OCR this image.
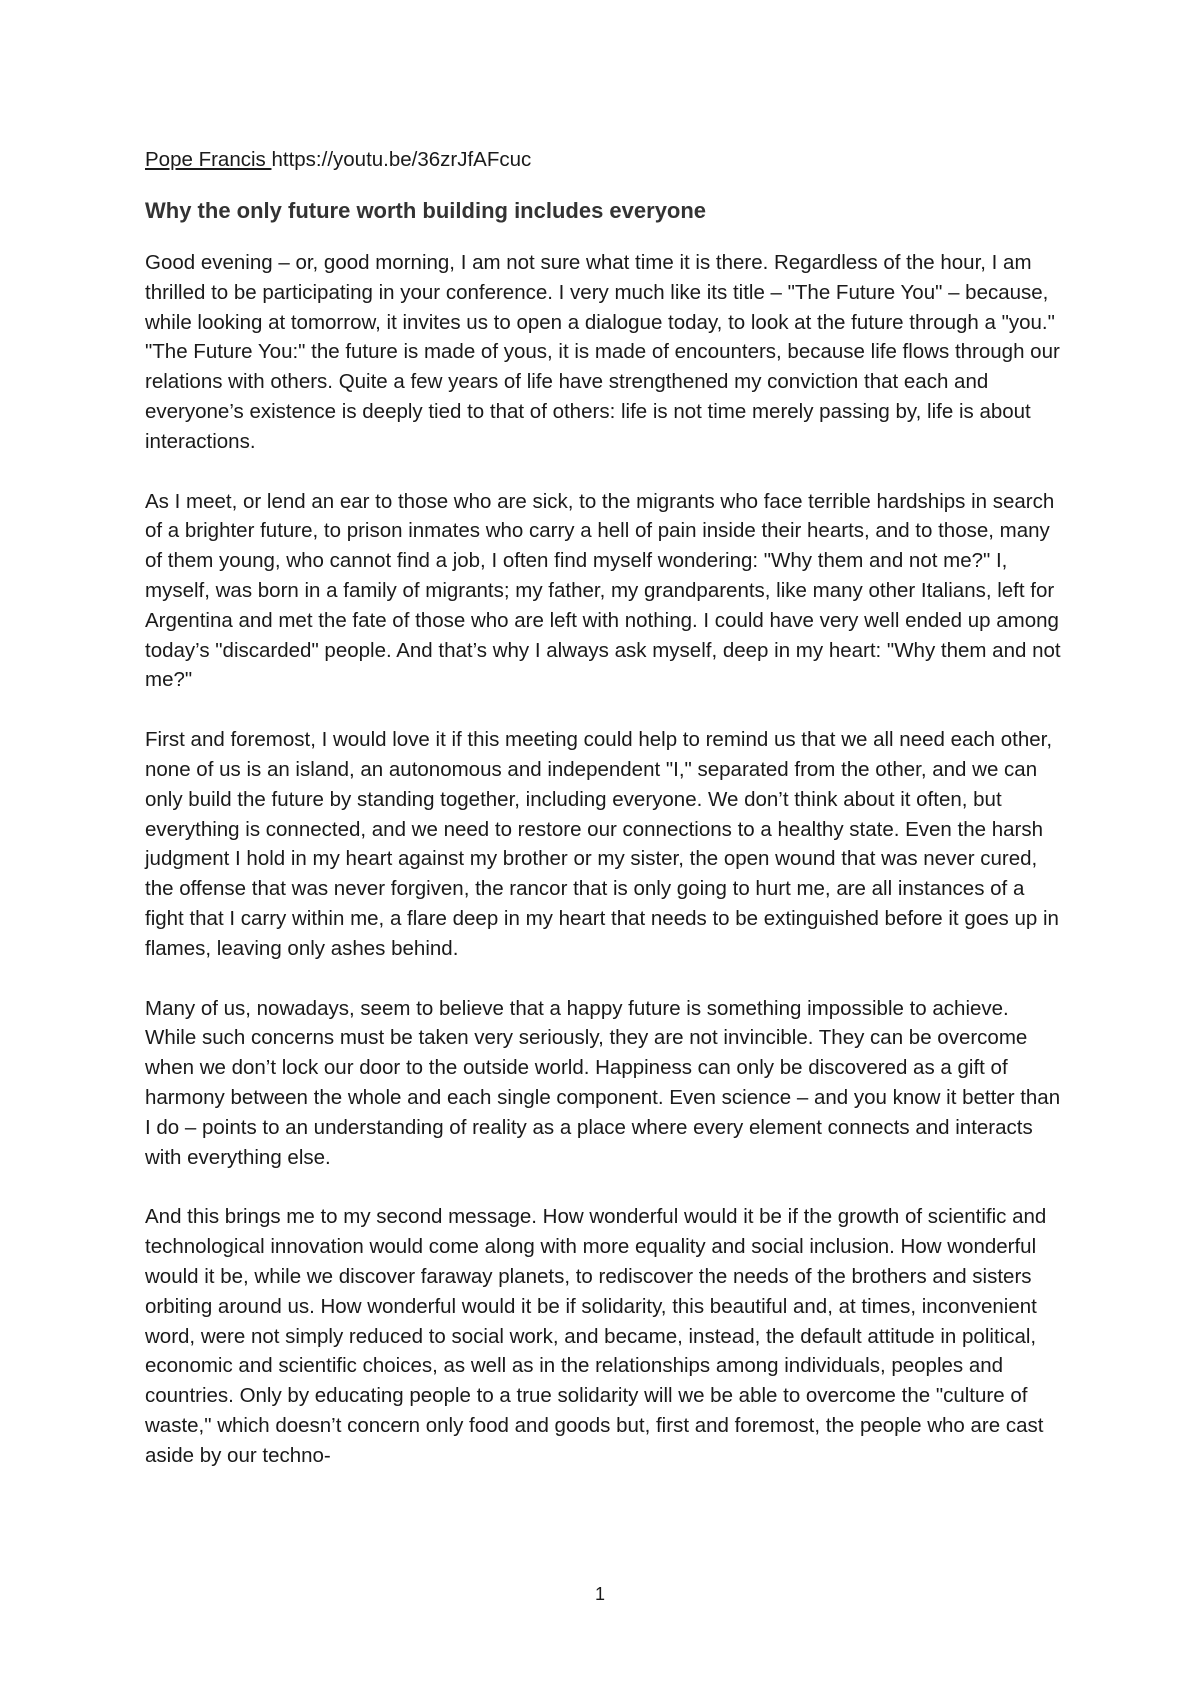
Pope Francis https://youtu.be/36zrJfAFcuc
Why the only future worth building includes everyone

Good evening – or, good morning, I am not sure what time it is there. Regardless of the hour, I am thrilled to be participating in your conference. I very much like its title – "The Future You" – because, while looking at tomorrow, it invites us to open a dialogue today, to look at the future through a "you." "The Future You:" the future is made of yous, it is made of encounters, because life flows through our relations with others. Quite a few years of life have strengthened my conviction that each and everyone’s existence is deeply tied to that of others: life is not time merely passing by, life is about interactions.

As I meet, or lend an ear to those who are sick, to the migrants who face terrible hardships in search of a brighter future, to prison inmates who carry a hell of pain inside their hearts, and to those, many of them young, who cannot find a job, I often find myself wondering: "Why them and not me?" I, myself, was born in a family of migrants; my father, my grandparents, like many other Italians, left for Argentina and met the fate of those who are left with nothing. I could have very well ended up among today’s "discarded" people. And that’s why I always ask myself, deep in my heart: "Why them and not me?"

First and foremost, I would love it if this meeting could help to remind us that we all need each other, none of us is an island, an autonomous and independent "I," separated from the other, and we can only build the future by standing together, including everyone. We don’t think about it often, but everything is connected, and we need to restore our connections to a healthy state. Even the harsh judgment I hold in my heart against my brother or my sister, the open wound that was never cured, the offense that was never forgiven, the rancor that is only going to hurt me, are all instances of a fight that I carry within me, a flare deep in my heart that needs to be extinguished before it goes up in flames, leaving only ashes behind.

Many of us, nowadays, seem to believe that a happy future is something impossible to achieve. While such concerns must be taken very seriously, they are not invincible. They can be overcome when we don’t lock our door to the outside world. Happiness can only be discovered as a gift of harmony between the whole and each single component. Even science – and you know it better than I do – points to an understanding of reality as a place where every element connects and interacts with everything else.

And this brings me to my second message. How wonderful would it be if the growth of scientific and technological innovation would come along with more equality and social inclusion. How wonderful would it be, while we discover faraway planets, to rediscover the needs of the brothers and sisters orbiting around us. How wonderful would it be if solidarity, this beautiful and, at times, inconvenient word, were not simply reduced to social work, and became, instead, the default attitude in political, economic and scientific choices, as well as in the relationships among individuals, peoples and countries. Only by educating people to a true solidarity will we be able to overcome the "culture of waste," which doesn’t concern only food and goods but, first and foremost, the people who are cast aside by our techno-

1
